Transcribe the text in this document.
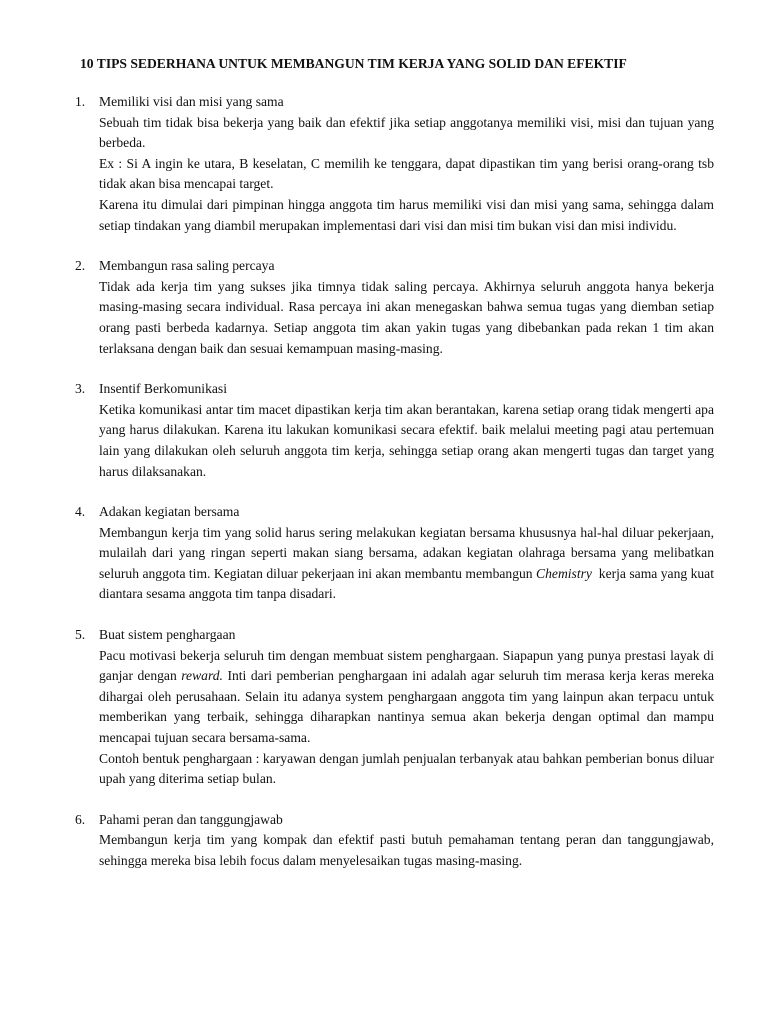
10 TIPS SEDERHANA UNTUK MEMBANGUN TIM KERJA YANG SOLID DAN EFEKTIF
1. Memiliki visi dan misi yang sama
Sebuah tim tidak bisa bekerja yang baik dan efektif jika setiap anggotanya memiliki visi, misi dan tujuan yang berbeda.
Ex : Si A ingin ke utara, B keselatan, C memilih ke tenggara, dapat dipastikan tim yang berisi orang-orang tsb tidak akan bisa mencapai target.
Karena itu dimulai dari pimpinan hingga anggota tim harus memiliki visi dan misi yang sama, sehingga dalam setiap tindakan yang diambil merupakan implementasi dari visi dan misi tim bukan visi dan misi individu.
2. Membangun rasa saling percaya
Tidak ada kerja tim yang sukses jika timnya tidak saling percaya. Akhirnya seluruh anggota hanya bekerja masing-masing secara individual. Rasa percaya ini akan menegaskan bahwa semua tugas yang diemban setiap orang pasti berbeda kadarnya. Setiap anggota tim akan yakin tugas yang dibebankan pada rekan 1 tim akan terlaksana dengan baik dan sesuai kemampuan masing-masing.
3. Insentif Berkomunikasi
Ketika komunikasi antar tim macet dipastikan kerja tim akan berantakan, karena setiap orang tidak mengerti apa yang harus dilakukan. Karena itu lakukan komunikasi secara efektif. baik melalui meeting pagi atau pertemuan lain yang dilakukan oleh seluruh anggota tim kerja, sehingga setiap orang akan mengerti tugas dan target yang harus dilaksanakan.
4. Adakan kegiatan bersama
Membangun kerja tim yang solid harus sering melakukan kegiatan bersama khususnya hal-hal diluar pekerjaan, mulailah dari yang ringan seperti makan siang bersama, adakan kegiatan olahraga bersama yang melibatkan seluruh anggota tim. Kegiatan diluar pekerjaan ini akan membantu membangun Chemistry  kerja sama yang kuat diantara sesama anggota tim tanpa disadari.
5. Buat sistem penghargaan
Pacu motivasi bekerja seluruh tim dengan membuat sistem penghargaan. Siapapun yang punya prestasi layak di ganjar dengan reward. Inti dari pemberian penghargaan ini adalah agar seluruh tim merasa kerja keras mereka dihargai oleh perusahaan. Selain itu adanya system penghargaan anggota tim yang lainpun akan terpacu untuk memberikan yang terbaik, sehingga diharapkan nantinya semua akan bekerja dengan optimal dan mampu mencapai tujuan secara bersama-sama.
Contoh bentuk penghargaan : karyawan dengan jumlah penjualan terbanyak atau bahkan pemberian bonus diluar upah yang diterima setiap bulan.
6. Pahami peran dan tanggungjawab
Membangun kerja tim yang kompak dan efektif pasti butuh pemahaman tentang peran dan tanggungjawab, sehingga mereka bisa lebih focus dalam menyelesaikan tugas masing-masing.
